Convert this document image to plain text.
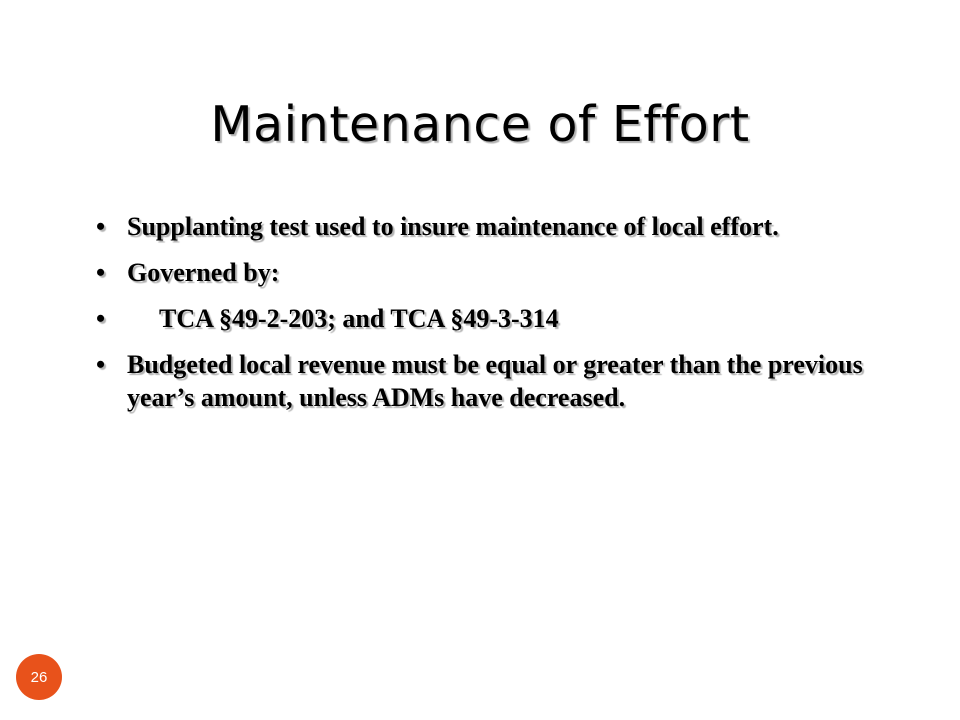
Maintenance of Effort
• Supplanting test used to insure maintenance of local effort.
• Governed by:
• TCA §49-2-203; and TCA §49-3-314
• Budgeted local revenue must be equal or greater than the previous year’s amount, unless ADMs have decreased.
26
